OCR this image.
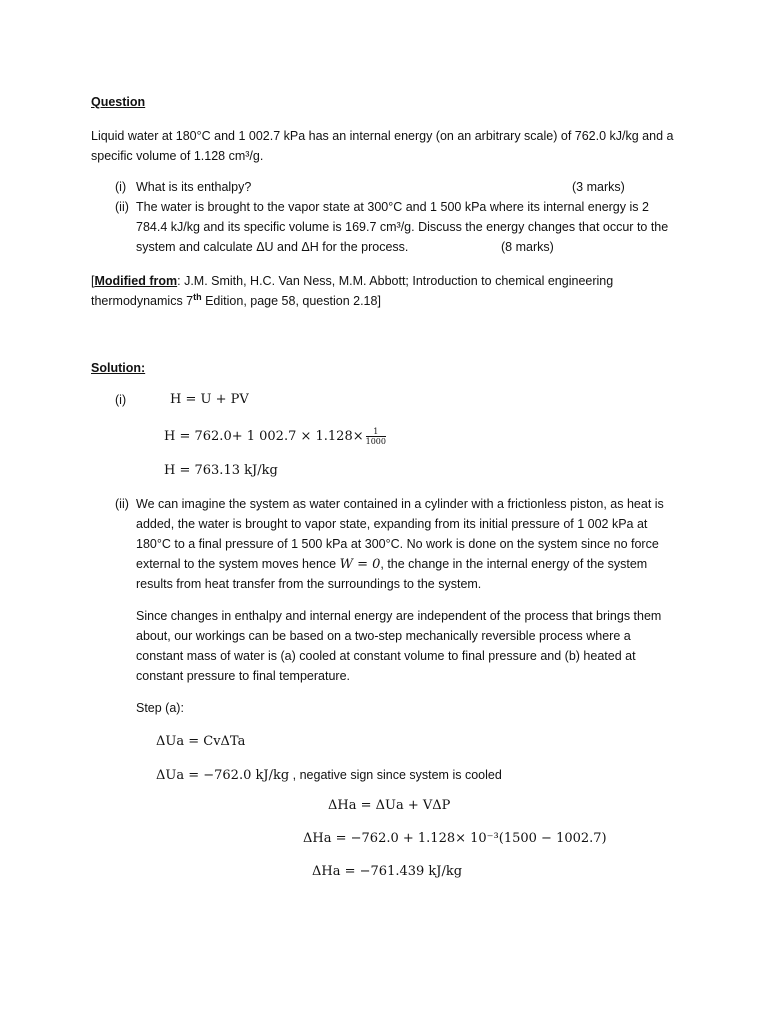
Question
Liquid water at 180°C and 1 002.7 kPa has an internal energy (on an arbitrary scale) of 762.0 kJ/kg and a
specific volume of 1.128 cm³/g.
(i) What is its enthalpy?	(3 marks)
(ii) The water is brought to the vapor state at 300°C and 1 500 kPa where its internal energy is 2
784.4 kJ/kg and its specific volume is 169.7 cm³/g. Discuss the energy changes that occur to the
system and calculate ΔU and ΔH for the process.	(8 marks)
[Modified from: J.M. Smith, H.C. Van Ness, M.M. Abbott; Introduction to chemical engineering
thermodynamics 7th Edition, page 58, question 2.18]
Solution:
(i)	H = U + PV
H = 762.0+ 1 $002.7 \times 1.128\times \frac{1}{1000}$
H = 763.13 kJ/kg
(ii) We can imagine the system as water contained in a cylinder with a frictionless piston, as heat is
added, the water is brought to vapor state, expanding from its initial pressure of 1 002 kPa at
180°C to a final pressure of 1 500 kPa at 300°C. No work is done on the system since no force
external to the system moves hence W = 0, the change in the internal energy of the system
results from heat transfer from the surroundings to the system.
Since changes in enthalpy and internal energy are independent of the process that brings them
about, our workings can be based on a two-step mechanically reversible process where a
constant mass of water is (a) cooled at constant volume to final pressure and (b) heated at
constant pressure to final temperature.
Step (a):
ΔUa = CvΔTa
ΔUa = −762.0 kJ/kg , negative sign since system is cooled
ΔHa = ΔUa + VΔP
ΔHa = −762.0 + 1.128× 10⁻³(1500 − 1002.7)
ΔHa = −761.439 kJ/kg
